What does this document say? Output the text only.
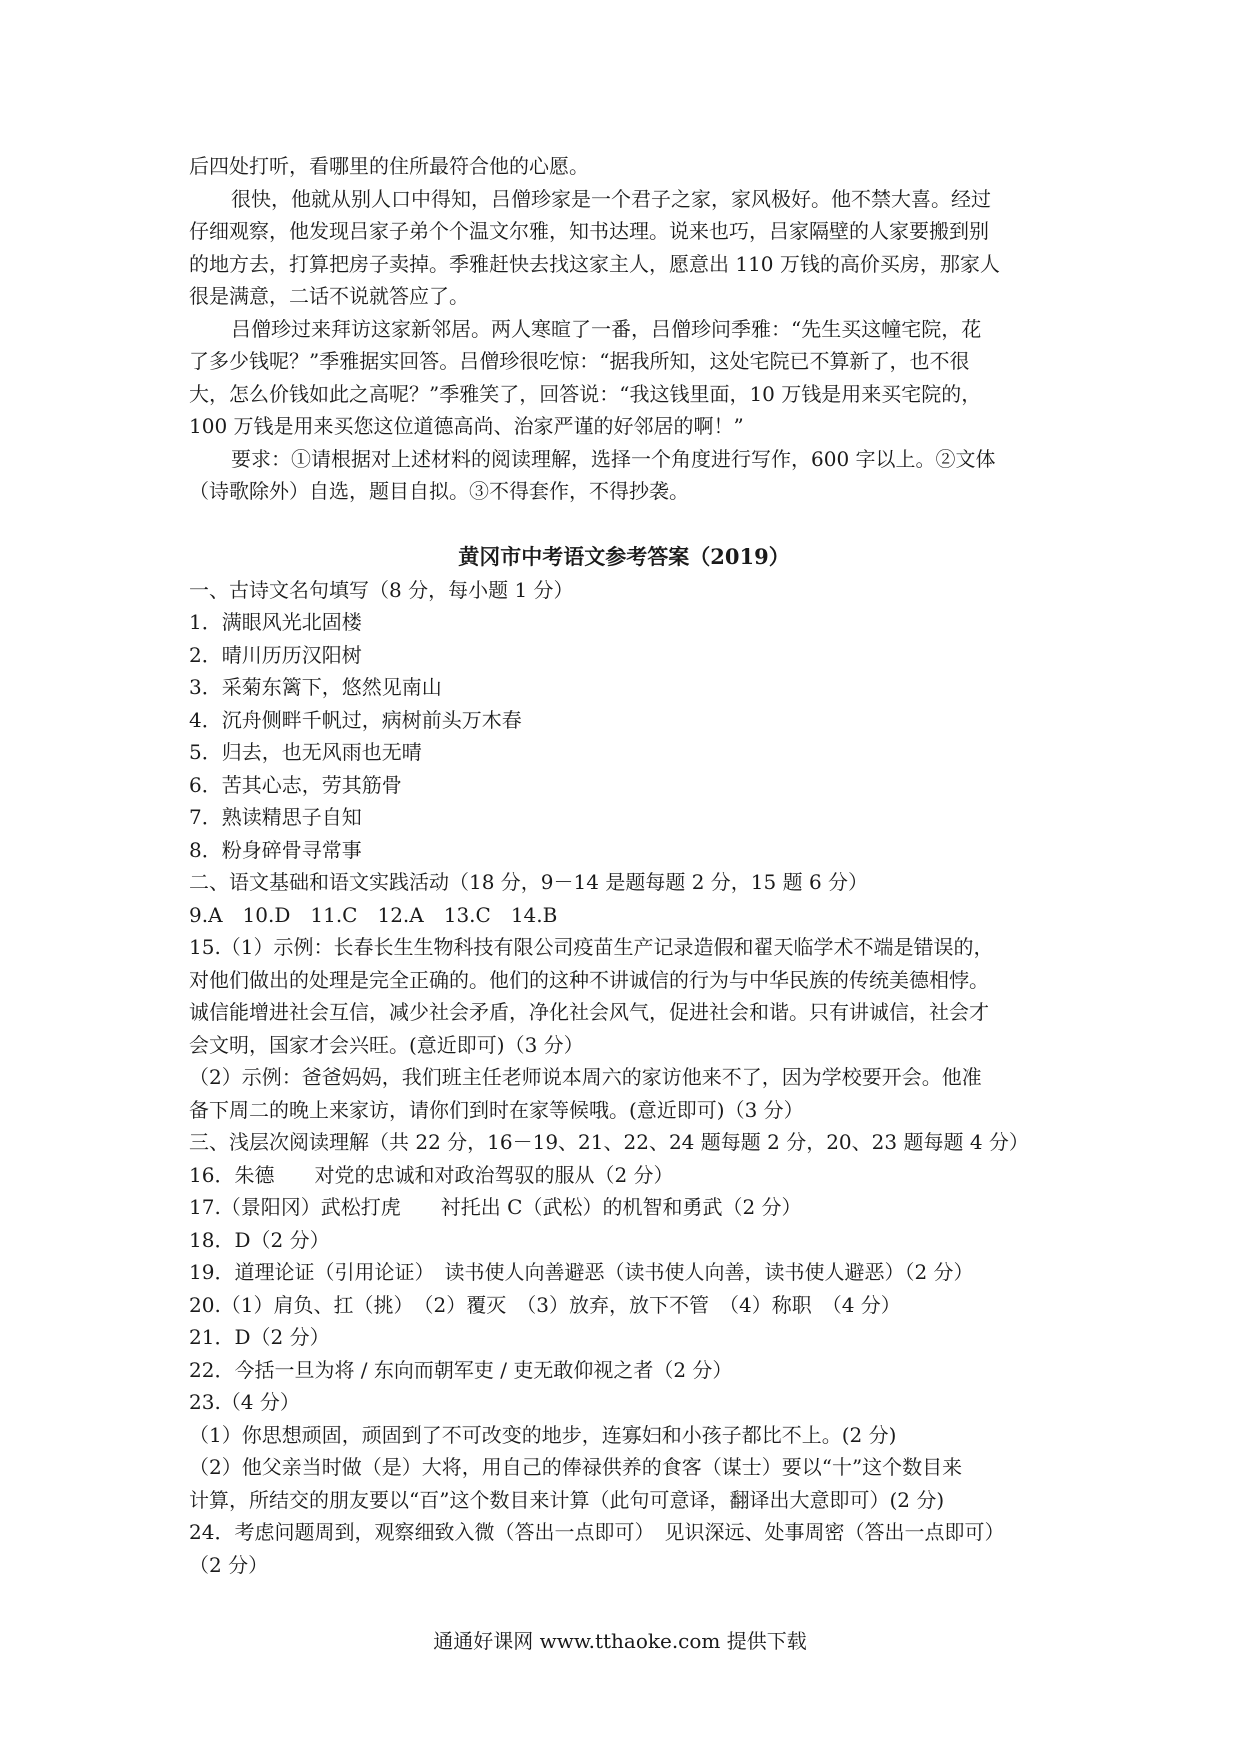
后四处打听，看哪里的住所最符合他的心愿。
很快，他就从别人口中得知，吕僧珍家是一个君子之家，家风极好。他不禁大喜。经过
仔细观察，他发现吕家子弟个个温文尔雅，知书达理。说来也巧，吕家隔壁的人家要搬到别
的地方去，打算把房子卖掉。季雅赶快去找这家主人，愿意出 110 万钱的高价买房，那家人
很是满意，二话不说就答应了。
吕僧珍过来拜访这家新邻居。两人寒暄了一番，吕僧珍问季雅：“先生买这幢宅院，花
了多少钱呢？”季雅据实回答。吕僧珍很吃惊：“据我所知，这处宅院已不算新了，也不很
大，怎么价钱如此之高呢？”季雅笑了，回答说：“我这钱里面，10 万钱是用来买宅院的，
100 万钱是用来买您这位道德高尚、治家严谨的好邻居的啊！”
要求：①请根据对上述材料的阅读理解，选择一个角度进行写作，600 字以上。②文体
（诗歌除外）自选，题目自拟。③不得套作，不得抄袭。
黄冈市中考语文参考答案（2019）
一、古诗文名句填写（8 分，每小题 1 分）
1．满眼风光北固楼
2．晴川历历汉阳树
3．采菊东篱下，悠然见南山
4．沉舟侧畔千帆过，病树前头万木春
5．归去，也无风雨也无晴
6．苦其心志，劳其筋骨
7．熟读精思子自知
8．粉身碎骨寻常事
二、语文基础和语文实践活动（18 分，9－14 是题每题 2 分，15 题 6 分）
9.A　10.D　11.C　12.A　13.C　14.B
15.（1）示例：长春长生生物科技有限公司疫苗生产记录造假和翟天临学术不端是错误的，
对他们做出的处理是完全正确的。他们的这种不讲诚信的行为与中华民族的传统美德相悖。
诚信能增进社会互信，减少社会矛盾，净化社会风气，促进社会和谐。只有讲诚信，社会才
会文明，国家才会兴旺。(意近即可)（3 分）
（2）示例：爸爸妈妈，我们班主任老师说本周六的家访他来不了，因为学校要开会。他准
备下周二的晚上来家访，请你们到时在家等候哦。(意近即可)（3 分）
三、浅层次阅读理解（共 22 分，16－19、21、22、24 题每题 2 分，20、23 题每题 4 分）
16．朱德　　对党的忠诚和对政治驾驭的服从（2 分）
17.（景阳冈）武松打虎　　衬托出 C（武松）的机智和勇武（2 分）
18．D（2 分）
19．道理论证（引用论证）　读书使人向善避恶（读书使人向善，读书使人避恶）（2 分）
20.（1）肩负、扛（挑）　（2）覆灭　（3）放弃，放下不管　（4）称职　（4 分）
21．D（2 分）
22．今括一旦为将 / 东向而朝军吏 / 吏无敢仰视之者（2 分）
23.（4 分）
（1）你思想顽固，顽固到了不可改变的地步，连寡妇和小孩子都比不上。(2 分)
（2）他父亲当时做（是）大将，用自己的俸禄供养的食客（谋士）要以“十”这个数目来
计算，所结交的朋友要以“百”这个数目来计算（此句可意译，翻译出大意即可）(2 分)
24．考虑问题周到，观察细致入微（答出一点即可）　见识深远、处事周密（答出一点即可）
（2 分）
通通好课网 www.tthaoke.com 提供下载
